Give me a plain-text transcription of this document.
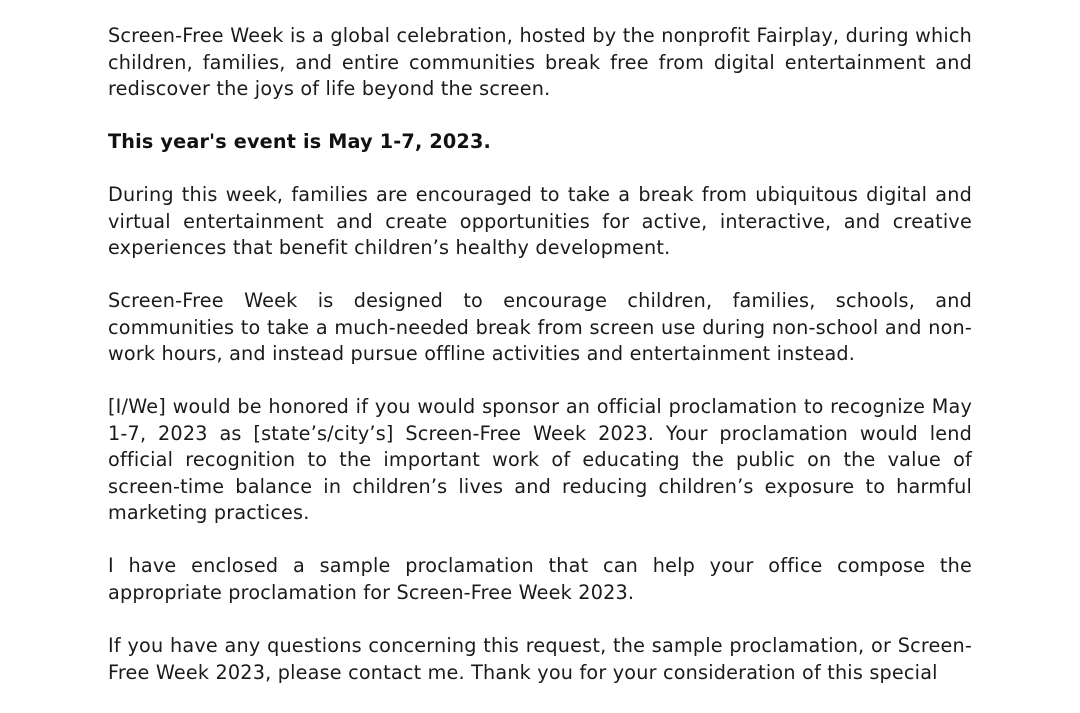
Screen-Free Week is a global celebration, hosted by the nonprofit Fairplay, during which children, families, and entire communities break free from digital entertainment and rediscover the joys of life beyond the screen.

This year's event is May 1-7, 2023.

During this week, families are encouraged to take a break from ubiquitous digital and virtual entertainment and create opportunities for active, interactive, and creative experiences that benefit children’s healthy development.

Screen-Free Week is designed to encourage children, families, schools, and communities to take a much-needed break from screen use during non-school and non-work hours, and instead pursue offline activities and entertainment instead.

[I/We] would be honored if you would sponsor an official proclamation to recognize May 1-7, 2023 as [state’s/city’s] Screen-Free Week 2023. Your proclamation would lend official recognition to the important work of educating the public on the value of screen-time balance in children’s lives and reducing children’s exposure to harmful marketing practices.

I have enclosed a sample proclamation that can help your office compose the appropriate proclamation for Screen-Free Week 2023.

If you have any questions concerning this request, the sample proclamation, or Screen-Free Week 2023, please contact me. Thank you for your consideration of this special
